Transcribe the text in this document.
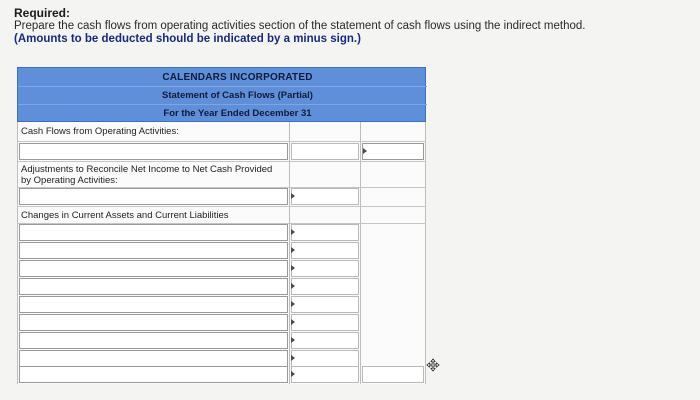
Required:
Prepare the cash flows from operating activities section of the statement of cash flows using the indirect method.
(Amounts to be deducted should be indicated by a minus sign.)
CALENDARS INCORPORATED
Statement of Cash Flows (Partial)
For the Year Ended December 31
Cash Flows from Operating Activities:
Adjustments to Reconcile Net Income to Net Cash Provided by Operating Activities:
Changes in Current Assets and Current Liabilities
